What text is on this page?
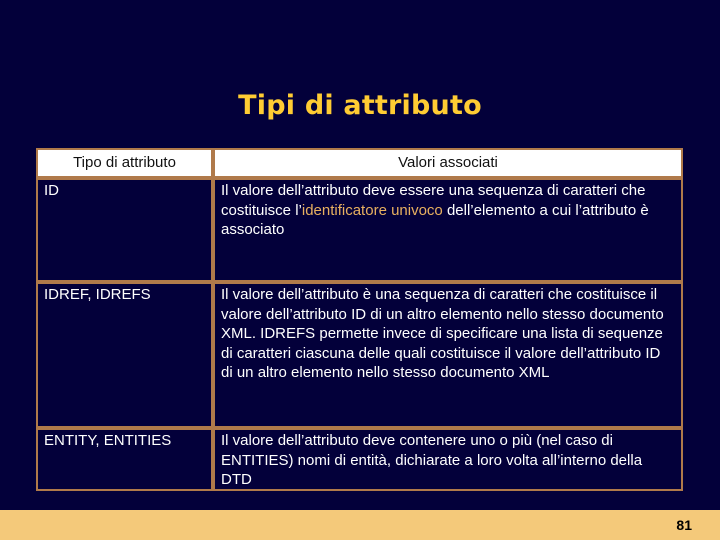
Tipi di attributo
Tipo di attributo	Valori associati
ID	Il valore dell’attributo deve essere una sequenza di caratteri che costituisce l’identificatore univoco dell’elemento a cui l’attributo è associato
IDREF, IDREFS	Il valore dell’attributo è una sequenza di caratteri che costituisce il valore dell’attributo ID di un altro elemento nello stesso documento XML. IDREFS permette invece di specificare una lista di sequenze di caratteri ciascuna delle quali costituisce il valore dell’attributo ID di un altro elemento nello stesso documento XML
ENTITY, ENTITIES	Il valore dell’attributo deve contenere uno o più (nel caso di ENTITIES) nomi di entità, dichiarate a loro volta all’interno della DTD
81
